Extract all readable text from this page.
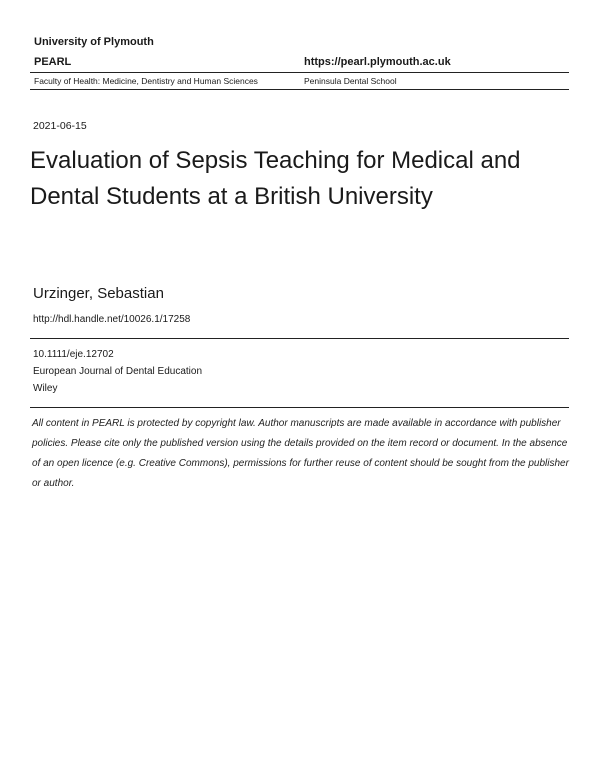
University of Plymouth
PEARL	https://pearl.plymouth.ac.uk
Faculty of Health: Medicine, Dentistry and Human Sciences	Peninsula Dental School
2021-06-15
Evaluation of Sepsis Teaching for Medical and Dental Students at a British University
Urzinger, Sebastian
http://hdl.handle.net/10026.1/17258
10.1111/eje.12702
European Journal of Dental Education
Wiley
All content in PEARL is protected by copyright law. Author manuscripts are made available in accordance with publisher policies. Please cite only the published version using the details provided on the item record or document. In the absence of an open licence (e.g. Creative Commons), permissions for further reuse of content should be sought from the publisher or author.
